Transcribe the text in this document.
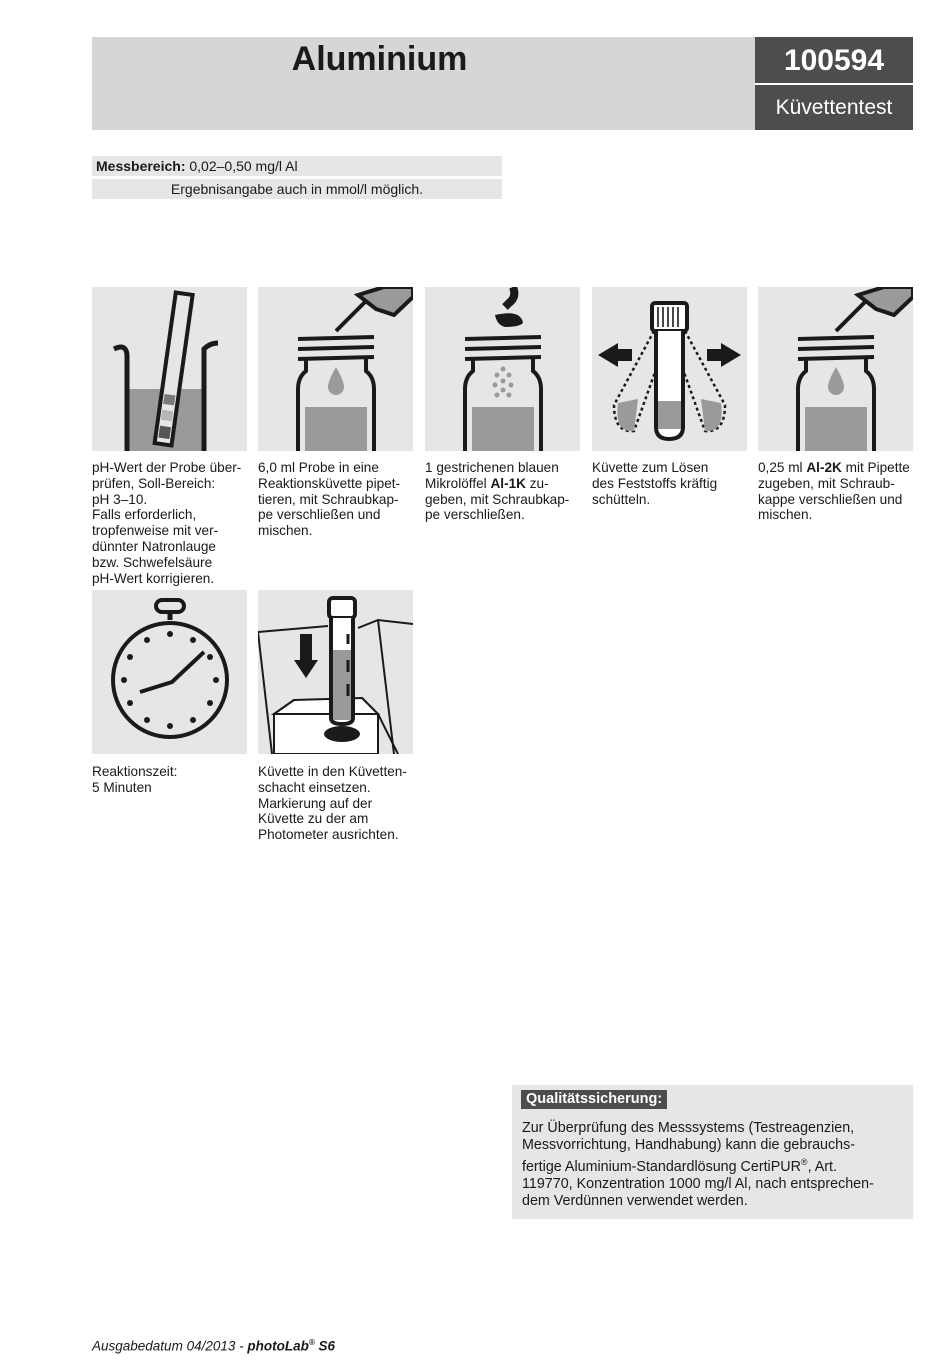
Aluminium	100594
Küvettentest
Messbereich: 0,02–0,50 mg/l Al
Ergebnisangabe auch in mmol/l möglich.
pH-Wert der Probe über-
prüfen, Soll-Bereich:
pH 3–10.
Falls erforderlich,
tropfenweise mit ver-
dünnter Natronlauge
bzw. Schwefelsäure
pH-Wert korrigieren.
6,0 ml Probe in eine
Reaktionsküvette pipet-
tieren, mit Schraubkap-
pe verschließen und
mischen.
1 gestrichenen blauen
Mikrolöffel Al-1K zu-
geben, mit Schraubkap-
pe verschließen.
Küvette zum Lösen
des Feststoffs kräftig
schütteln.
0,25 ml Al-2K mit Pipette
zugeben, mit Schraub-
kappe verschließen und
mischen.
Reaktionszeit:
5 Minuten
Küvette in den Küvetten-
schacht einsetzen.
Markierung auf der
Küvette zu der am
Photometer ausrichten.
Qualitätssicherung:
Zur Überprüfung des Messsystems (Testreagenzien,
Messvorrichtung, Handhabung) kann die gebrauchs-
fertige Aluminium-Standardlösung CertiPUR®, Art.
119770, Konzentration 1000 mg/l Al, nach entsprechen-
dem Verdünnen verwendet werden.
Ausgabedatum 04/2013 - photoLab® S6
